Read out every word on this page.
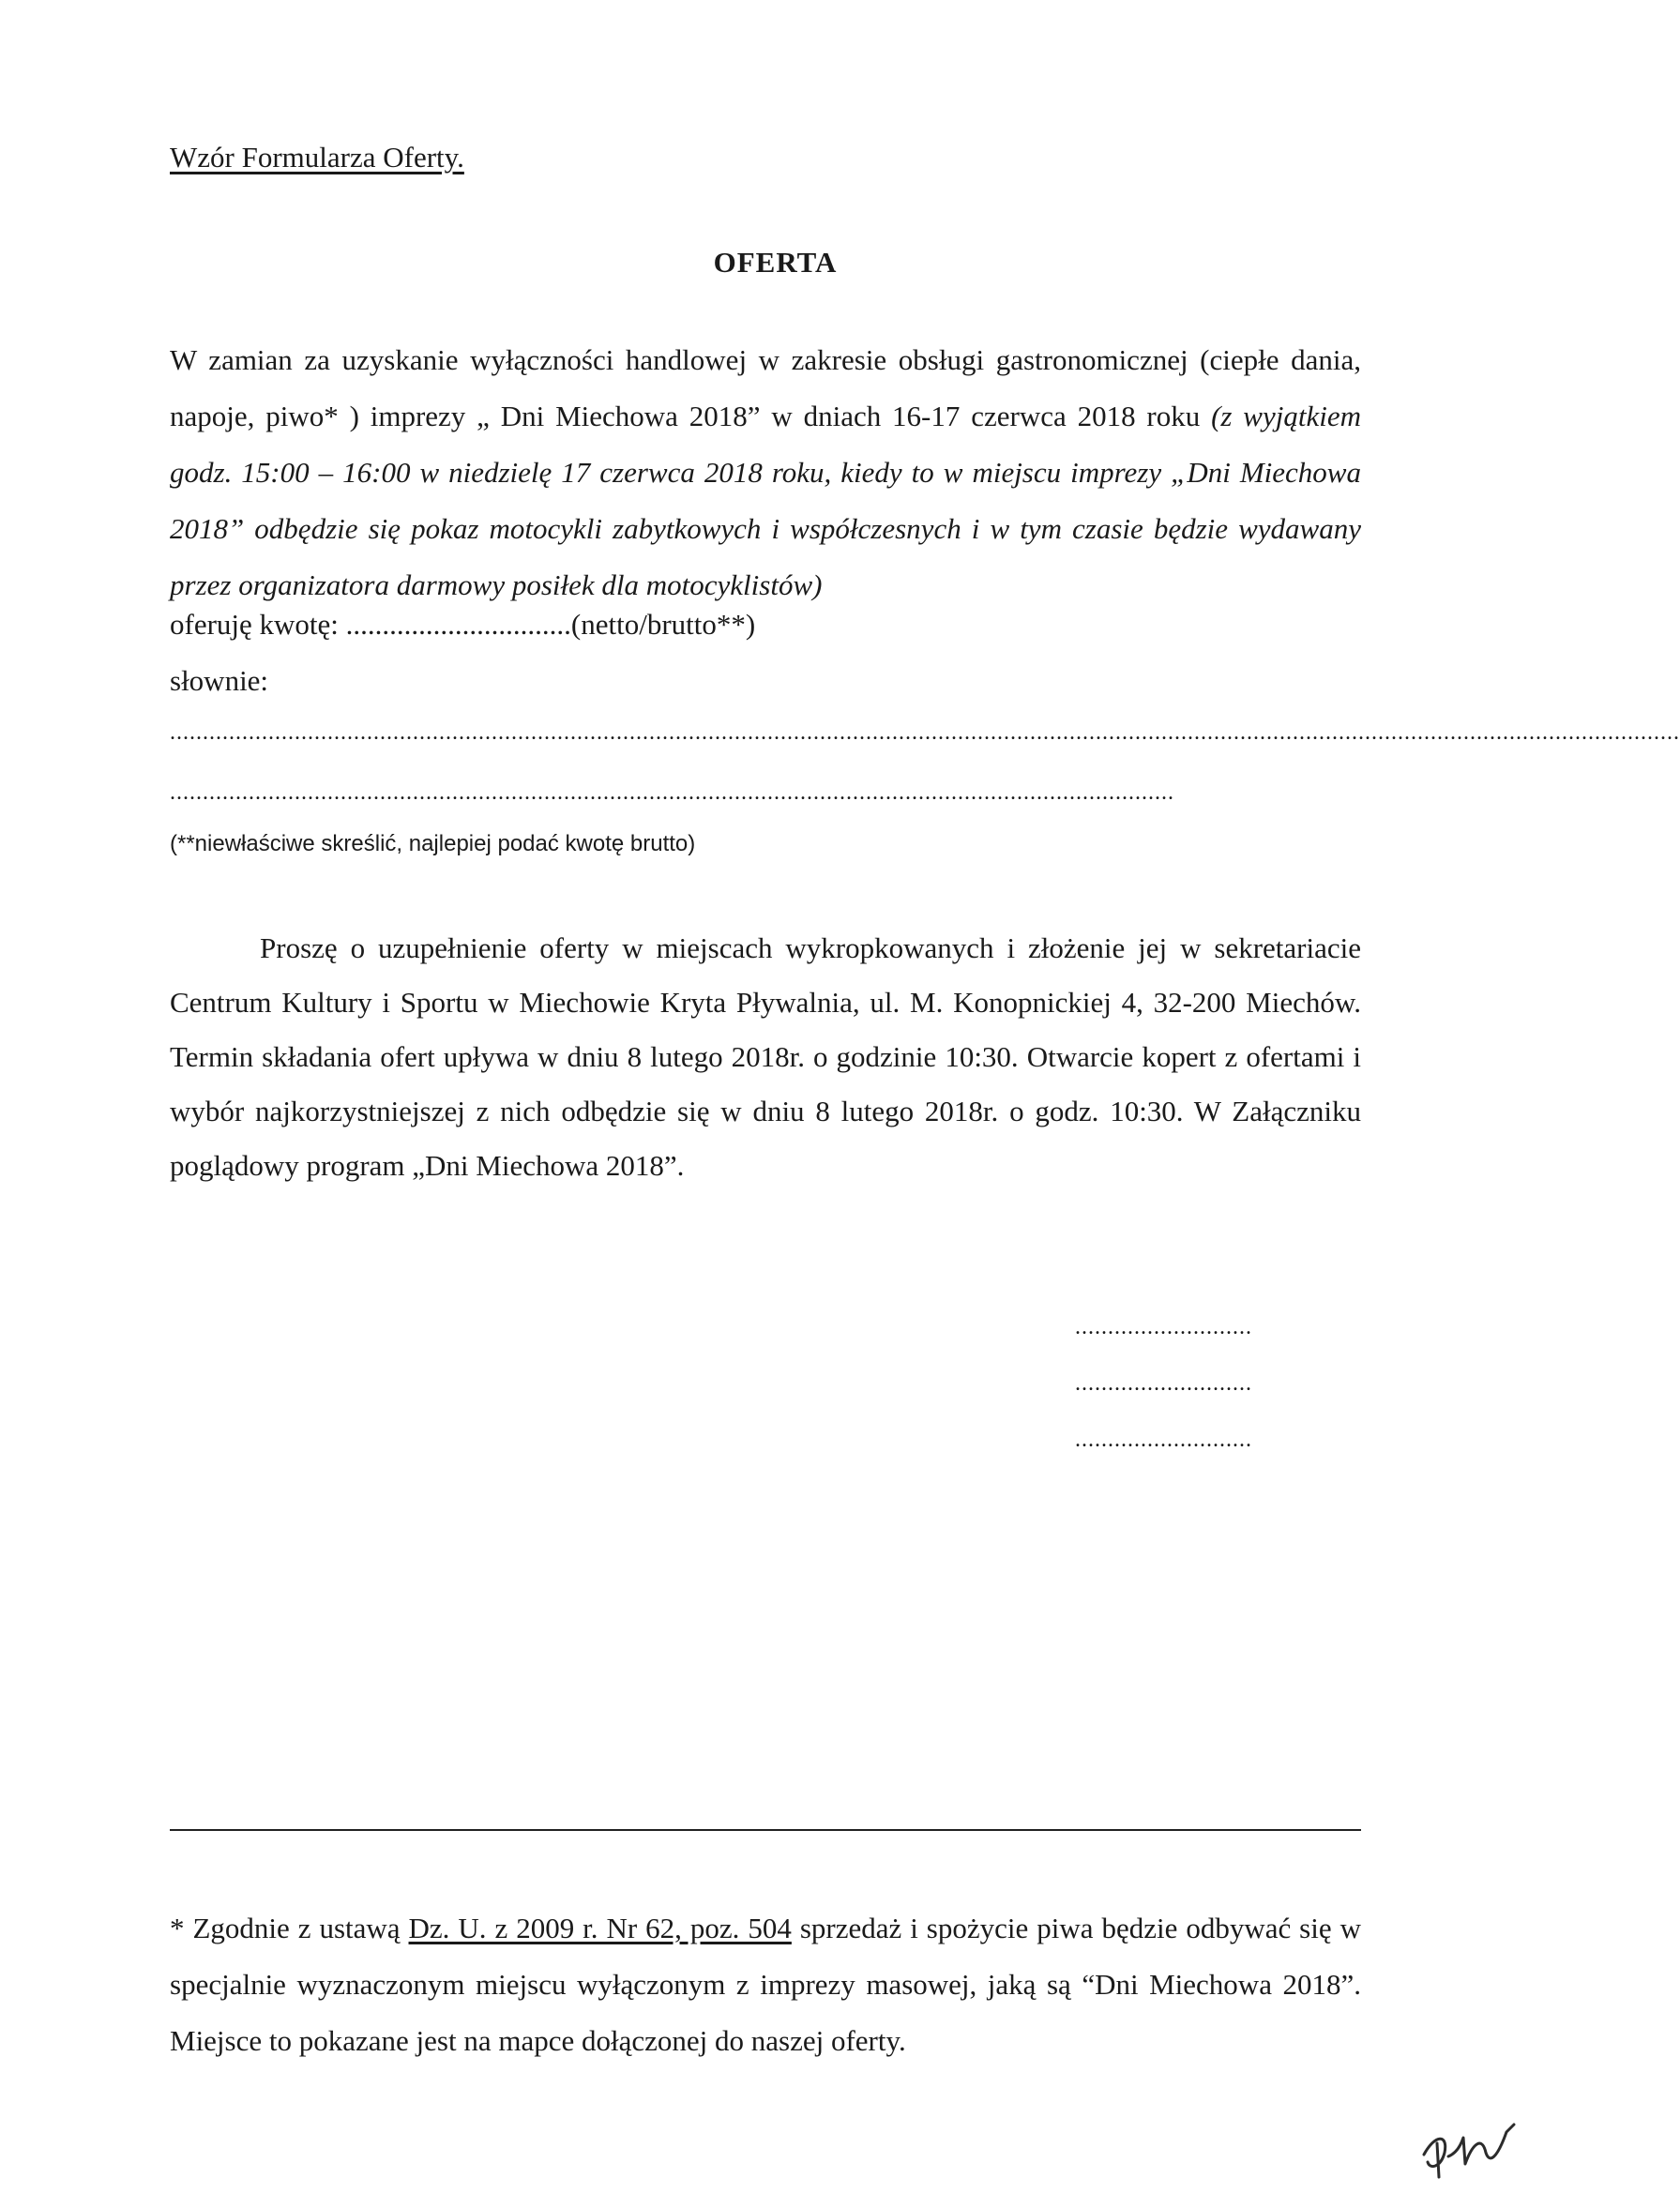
Wzór Formularza Oferty.
OFERTA
W zamian za uzyskanie wyłączności handlowej w zakresie obsługi gastronomicznej (ciepłe dania, napoje, piwo* ) imprezy „ Dni Miechowa 2018” w dniach 16-17 czerwca 2018 roku (z wyjątkiem godz. 15:00 – 16:00 w niedzielę 17 czerwca 2018 roku, kiedy to w miejscu imprezy „Dni Miechowa 2018” odbędzie się pokaz motocykli zabytkowych i współczesnych i w tym czasie będzie wydawany przez organizatora darmowy posiłek dla motocyklistów)
oferuję kwotę: ...............................(netto/brutto**)
słownie:
......................................................................................................................................................................................................................................
.........................................................................................................................................................
(**niewłaściwe skreślić, najlepiej podać kwotę brutto)
Proszę o uzupełnienie oferty w miejscach wykropkowanych i złożenie jej w sekretariacie Centrum Kultury i Sportu w Miechowie Kryta Pływalnia, ul. M. Konopnickiej 4, 32-200 Miechów. Termin składania ofert upływa w dniu 8 lutego 2018r. o godzinie 10:30. Otwarcie kopert z ofertami i wybór najkorzystniejszej z nich odbędzie się w dniu 8 lutego 2018r. o godz. 10:30. W Załączniku poglądowy program „Dni Miechowa 2018”.
...........................
...........................
...........................
* Zgodnie z ustawą Dz. U. z 2009 r. Nr 62, poz. 504 sprzedaż i spożycie piwa będzie odbywać się w specjalnie wyznaczonym miejscu wyłączonym z imprezy masowej, jaką są “Dni Miechowa 2018”. Miejsce to pokazane jest na mapce dołączonej do naszej oferty.
